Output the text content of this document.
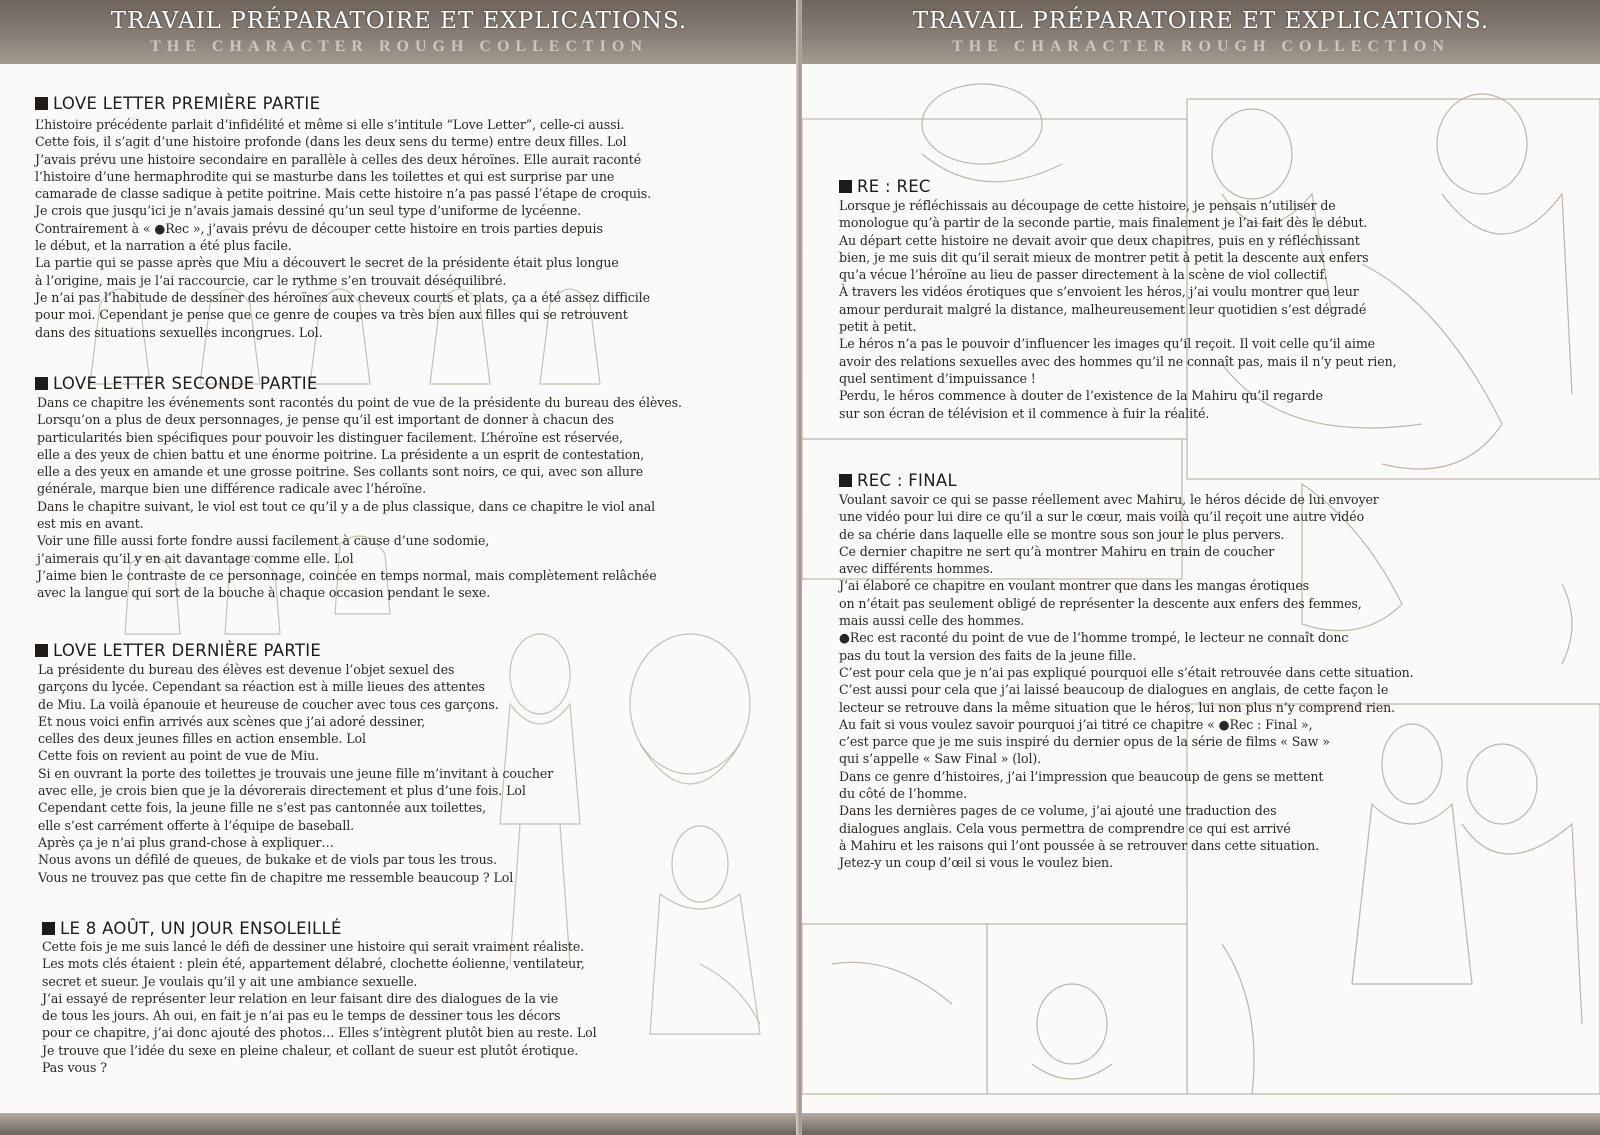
TRAVAIL PRÉPARATOIRE ET EXPLICATIONS.
THE CHARACTER ROUGH COLLECTION
LOVE LETTER PREMIÈRE PARTIE
L’histoire précédente parlait d’infidélité et même si elle s’intitule “Love Letter”, celle-ci aussi.
Cette fois, il s’agit d’une histoire profonde (dans les deux sens du terme) entre deux filles. Lol
J’avais prévu une histoire secondaire en parallèle à celles des deux héroïnes. Elle aurait raconté
l’histoire d’une hermaphrodite qui se masturbe dans les toilettes et qui est surprise par une
camarade de classe sadique à petite poitrine. Mais cette histoire n’a pas passé l’étape de croquis.
Je crois que jusqu’ici je n’avais jamais dessiné qu’un seul type d’uniforme de lycéenne.
Contrairement à « ●Rec », j’avais prévu de découper cette histoire en trois parties depuis
le début, et la narration a été plus facile.
La partie qui se passe après que Miu a découvert le secret de la présidente était plus longue
à l’origine, mais je l’ai raccourcie, car le rythme s’en trouvait déséquilibré.
Je n’ai pas l’habitude de dessiner des héroïnes aux cheveux courts et plats, ça a été assez difficile
pour moi. Cependant je pense que ce genre de coupes va très bien aux filles qui se retrouvent
dans des situations sexuelles incongrues. Lol.
LOVE LETTER SECONDE PARTIE
Dans ce chapitre les événements sont racontés du point de vue de la présidente du bureau des élèves.
Lorsqu’on a plus de deux personnages, je pense qu’il est important de donner à chacun des
particularités bien spécifiques pour pouvoir les distinguer facilement. L’héroïne est réservée,
elle a des yeux de chien battu et une énorme poitrine. La présidente a un esprit de contestation,
elle a des yeux en amande et une grosse poitrine. Ses collants sont noirs, ce qui, avec son allure
générale, marque bien une différence radicale avec l’héroïne.
Dans le chapitre suivant, le viol est tout ce qu’il y a de plus classique, dans ce chapitre le viol anal
est mis en avant.
Voir une fille aussi forte fondre aussi facilement à cause d’une sodomie,
j’aimerais qu’il y en ait davantage comme elle. Lol
J’aime bien le contraste de ce personnage, coincée en temps normal, mais complètement relâchée
avec la langue qui sort de la bouche à chaque occasion pendant le sexe.
LOVE LETTER DERNIÈRE PARTIE
La présidente du bureau des élèves est devenue l’objet sexuel des
garçons du lycée. Cependant sa réaction est à mille lieues des attentes
de Miu. La voilà épanouie et heureuse de coucher avec tous ces garçons.
Et nous voici enfin arrivés aux scènes que j’ai adoré dessiner,
celles des deux jeunes filles en action ensemble. Lol
Cette fois on revient au point de vue de Miu.
Si en ouvrant la porte des toilettes je trouvais une jeune fille m’invitant à coucher
avec elle, je crois bien que je la dévorerais directement et plus d’une fois. Lol
Cependant cette fois, la jeune fille ne s’est pas cantonnée aux toilettes,
elle s’est carrément offerte à l’équipe de baseball.
Après ça je n’ai plus grand-chose à expliquer…
Nous avons un défilé de queues, de bukake et de viols par tous les trous.
Vous ne trouvez pas que cette fin de chapitre me ressemble beaucoup ? Lol
LE 8 AOÛT, UN JOUR ENSOLEILLÉ
Cette fois je me suis lancé le défi de dessiner une histoire qui serait vraiment réaliste.
Les mots clés étaient : plein été, appartement délabré, clochette éolienne, ventilateur,
secret et sueur. Je voulais qu’il y ait une ambiance sexuelle.
J’ai essayé de représenter leur relation en leur faisant dire des dialogues de la vie
de tous les jours. Ah oui, en fait je n’ai pas eu le temps de dessiner tous les décors
pour ce chapitre, j’ai donc ajouté des photos… Elles s’intègrent plutôt bien au reste. Lol
Je trouve que l’idée du sexe en pleine chaleur, et collant de sueur est plutôt érotique.
Pas vous ?
TRAVAIL PRÉPARATOIRE ET EXPLICATIONS.
THE CHARACTER ROUGH COLLECTION
RE : REC
Lorsque je réfléchissais au découpage de cette histoire, je pensais n’utiliser de
monologue qu’à partir de la seconde partie, mais finalement je l’ai fait dès le début.
Au départ cette histoire ne devait avoir que deux chapitres, puis en y réfléchissant
bien, je me suis dit qu’il serait mieux de montrer petit à petit la descente aux enfers
qu’a vécue l’héroïne au lieu de passer directement à la scène de viol collectif.
À travers les vidéos érotiques que s’envoient les héros, j’ai voulu montrer que leur
amour perdurait malgré la distance, malheureusement leur quotidien s’est dégradé
petit à petit.
Le héros n’a pas le pouvoir d’influencer les images qu’il reçoit. Il voit celle qu’il aime
avoir des relations sexuelles avec des hommes qu’il ne connaît pas, mais il n’y peut rien,
quel sentiment d’impuissance !
Perdu, le héros commence à douter de l’existence de la Mahiru qu’il regarde
sur son écran de télévision et il commence à fuir la réalité.
REC : FINAL
Voulant savoir ce qui se passe réellement avec Mahiru, le héros décide de lui envoyer
une vidéo pour lui dire ce qu’il a sur le cœur, mais voilà qu’il reçoit une autre vidéo
de sa chérie dans laquelle elle se montre sous son jour le plus pervers.
Ce dernier chapitre ne sert qu’à montrer Mahiru en train de coucher
avec différents hommes.
J’ai élaboré ce chapitre en voulant montrer que dans les mangas érotiques
on n’était pas seulement obligé de représenter la descente aux enfers des femmes,
mais aussi celle des hommes.
●Rec est raconté du point de vue de l’homme trompé, le lecteur ne connaît donc
pas du tout la version des faits de la jeune fille.
C’est pour cela que je n’ai pas expliqué pourquoi elle s’était retrouvée dans cette situation.
C’est aussi pour cela que j’ai laissé beaucoup de dialogues en anglais, de cette façon le
lecteur se retrouve dans la même situation que le héros, lui non plus n’y comprend rien.
Au fait si vous voulez savoir pourquoi j’ai titré ce chapitre « ●Rec : Final »,
c’est parce que je me suis inspiré du dernier opus de la série de films « Saw »
qui s’appelle « Saw Final » (lol).
Dans ce genre d’histoires, j’ai l’impression que beaucoup de gens se mettent
du côté de l’homme.
Dans les dernières pages de ce volume, j’ai ajouté une traduction des
dialogues anglais. Cela vous permettra de comprendre ce qui est arrivé
à Mahiru et les raisons qui l’ont poussée à se retrouver dans cette situation.
Jetez-y un coup d’œil si vous le voulez bien.
